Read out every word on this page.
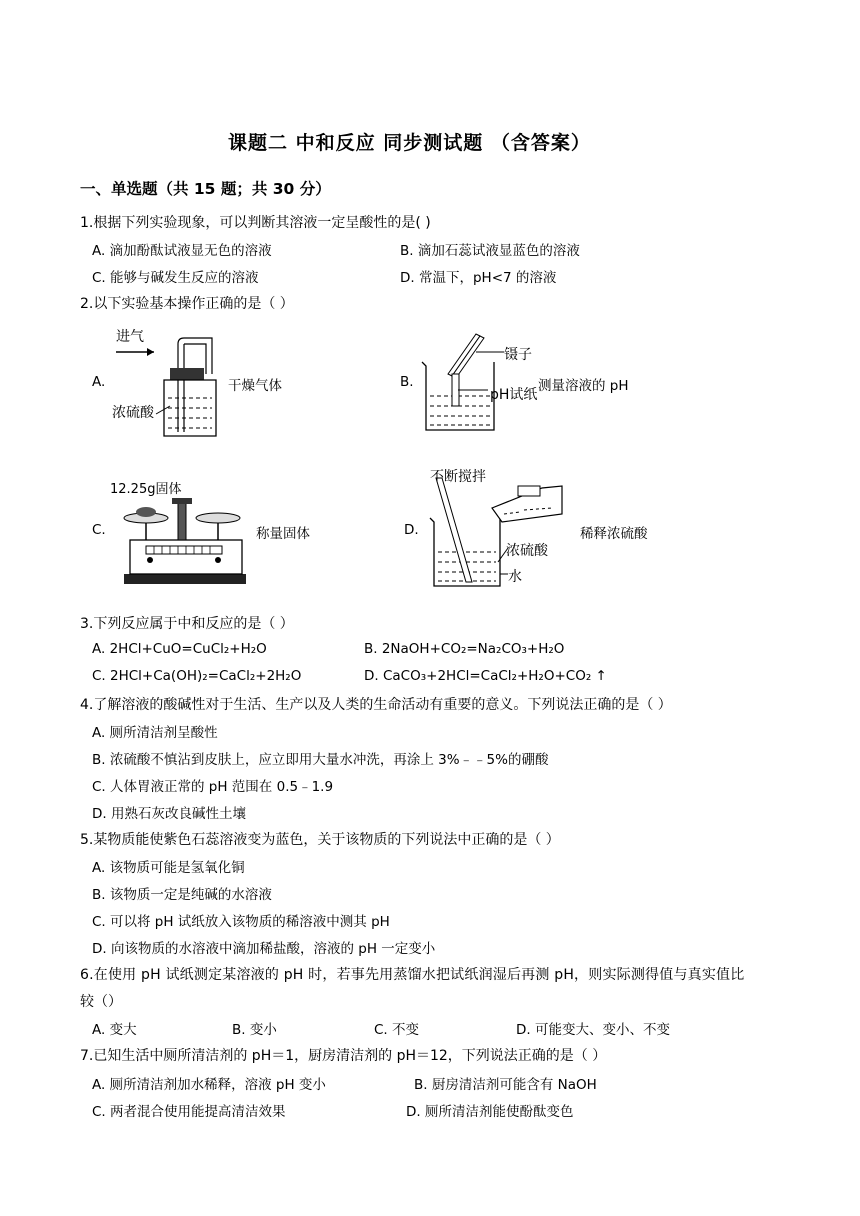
课题二 中和反应 同步测试题 （含答案）
一、单选题（共 15 题；共 30 分）
1.根据下列实验现象，可以判断其溶液一定呈酸性的是( )
A. 滴加酚酞试液显无色的溶液	B. 滴加石蕊试液显蓝色的溶液
C. 能够与碱发生反应的溶液	D. 常温下，pH<7 的溶液
2.以下实验基本操作正确的是（ ）
A.
进气
浓硫酸
干燥气体	B.
镊子
pH试纸
测量溶液的 pH
C.
12.25g固体
称量固体	D.
不断搅拌
浓硫酸
水
稀释浓硫酸
3.下列反应属于中和反应的是（ ）
A. 2HCl+CuO=CuCl₂+H₂O	B. 2NaOH+CO₂=Na₂CO₃+H₂O
C. 2HCl+Ca(OH)₂=CaCl₂+2H₂O	D. CaCO₃+2HCl=CaCl₂+H₂O+CO₂ ↑
4.了解溶液的酸碱性对于生活、生产以及人类的生命活动有重要的意义。下列说法正确的是（ ）
A. 厕所清洁剂呈酸性
B. 浓硫酸不慎沾到皮肤上，应立即用大量水冲洗，再涂上 3%﹣﹣5%的硼酸
C. 人体胃液正常的 pH 范围在 0.5﹣1.9
D. 用熟石灰改良碱性土壤
5.某物质能使紫色石蕊溶液变为蓝色，关于该物质的下列说法中正确的是（ ）
A. 该物质可能是氢氧化铜
B. 该物质一定是纯碱的水溶液
C. 可以将 pH 试纸放入该物质的稀溶液中测其 pH
D. 向该物质的水溶液中滴加稀盐酸，溶液的 pH 一定变小
6.在使用 pH 试纸测定某溶液的 pH 时，若事先用蒸馏水把试纸润湿后再测 pH，则实际测得值与真实值比
较（）
A. 变大	B. 变小	C. 不变	D. 可能变大、变小、不变
7.已知生活中厕所清洁剂的 pH＝1，厨房清洁剂的 pH＝12，下列说法正确的是（ ）
A. 厕所清洁剂加水稀释，溶液 pH 变小	B. 厨房清洁剂可能含有 NaOH
C. 两者混合使用能提高清洁效果	D. 厕所清洁剂能使酚酞变色
